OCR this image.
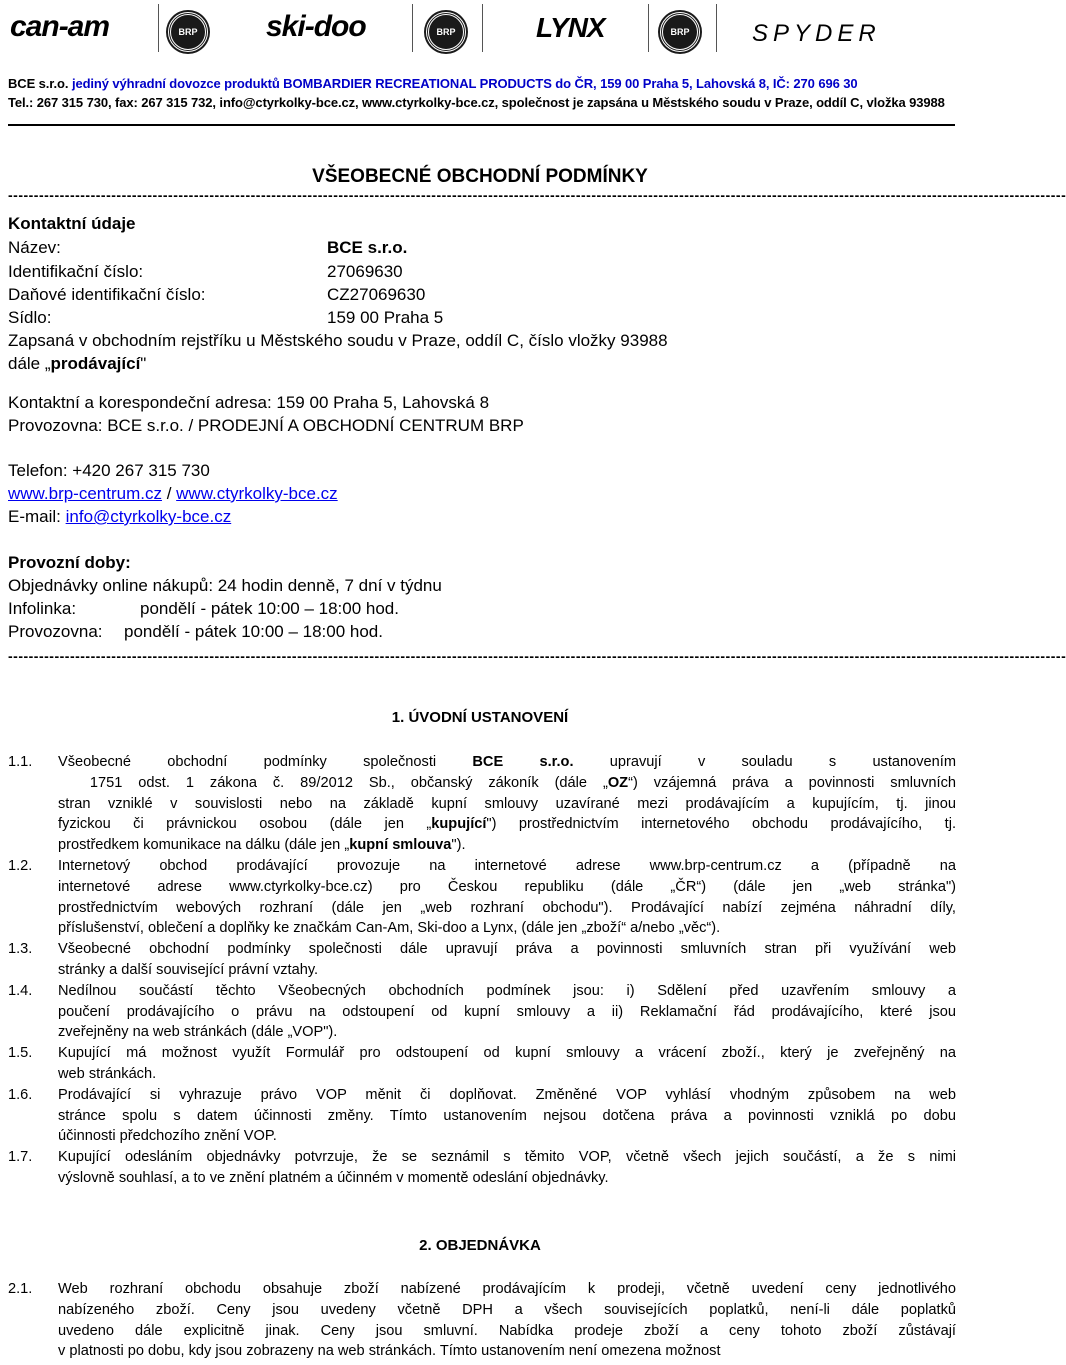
can-am	BRP	ski-doo	BRP	LYNX	BRP	SPYDER
BCE s.r.o. jediný výhradní dovozce produktů BOMBARDIER RECREATIONAL PRODUCTS do ČR, 159 00 Praha 5, Lahovská 8, IČ: 270 696 30
Tel.: 267 315 730, fax: 267 315 732, info@ctyrkolky-bce.cz, www.ctyrkolky-bce.cz, společnost je zapsána u Městského soudu v Praze, oddíl C, vložka 93988
VŠEOBECNÉ OBCHODNÍ PODMÍNKY
-------------------------------------------------------------------------------------------------------------------------------------------------------------------------------------------------------------
Kontaktní údaje
Název:	BCE s.r.o.
Identifikační číslo:	27069630
Daňové identifikační číslo:	CZ27069630
Sídlo:	159 00 Praha 5
Zapsaná v obchodním rejstříku u Městského soudu v Praze, oddíl C, číslo vložky 93988
dále „prodávající"
Kontaktní a korespondeční adresa: 159 00 Praha 5, Lahovská 8
Provozovna: BCE s.r.o. / PRODEJNÍ A OBCHODNÍ CENTRUM BRP
Telefon: +420 267 315 730
www.brp-centrum.cz / www.ctyrkolky-bce.cz
E-mail: info@ctyrkolky-bce.cz
Provozní doby:
Objednávky online nákupů: 24 hodin denně, 7 dní v týdnu
Infolinka:	pondělí - pátek 10:00 – 18:00 hod.
Provozovna: pondělí - pátek 10:00 – 18:00 hod.
-------------------------------------------------------------------------------------------------------------------------------------------------------------------------------------------------------------
1. ÚVODNÍ USTANOVENÍ
1.1. Všeobecné obchodní podmínky společnosti BCE s.r.o. upravují v souladu s ustanovením
1751 odst. 1 zákona č. 89/2012 Sb., občanský zákoník (dále „OZ“) vzájemná práva a povinnosti smluvních
stran vzniklé v souvislosti nebo na základě kupní smlouvy uzavírané mezi prodávajícím a kupujícím, tj. jinou
fyzickou či právnickou osobou (dále jen „kupující") prostřednictvím internetového obchodu prodávajícího, tj.
prostředkem komunikace na dálku (dále jen „kupní smlouva").
1.2. Internetový obchod prodávající provozuje na internetové adrese www.brp-centrum.cz a (případně na
internetové adrese www.ctyrkolky-bce.cz) pro Českou republiku (dále „ČR“) (dále jen „web stránka")
prostřednictvím webových rozhraní (dále jen „web rozhraní obchodu"). Prodávající nabízí zejména náhradní díly,
příslušenství, oblečení a doplňky ke značkám Can-Am, Ski-doo a Lynx, (dále jen „zboží“ a/nebo „věc“).
1.3. Všeobecné obchodní podmínky společnosti dále upravují práva a povinnosti smluvních stran při využívání web
stránky a další související právní vztahy.
1.4. Nedílnou součástí těchto Všeobecných obchodních podmínek jsou: i) Sdělení před uzavřením smlouvy a
poučení prodávajícího o právu na odstoupení od kupní smlouvy a ii) Reklamační řád prodávajícího, které jsou
zveřejněny na web stránkách (dále „VOP").
1.5. Kupující má možnost využít Formulář pro odstoupení od kupní smlouvy a vrácení zboží., který je zveřejněný na
web stránkách.
1.6. Prodávající si vyhrazuje právo VOP měnit či doplňovat. Změněné VOP vyhlásí vhodným způsobem na web
stránce spolu s datem účinnosti změny. Tímto ustanovením nejsou dotčena práva a povinnosti vzniklá po dobu
účinnosti předchozího znění VOP.
1.7. Kupující odesláním objednávky potvrzuje, že se seznámil s těmito VOP, včetně všech jejich součástí, a že s nimi
výslovně souhlasí, a to ve znění platném a účinném v momentě odeslání objednávky.
2. OBJEDNÁVKA
2.1. Web rozhraní obchodu obsahuje zboží nabízené prodávajícím k prodeji, včetně uvedení ceny jednotlivého
nabízeného zboží. Ceny jsou uvedeny včetně DPH a všech souvisejících poplatků, není-li dále poplatků
uvedeno dále explicitně jinak. Ceny jsou smluvní. Nabídka prodeje zboží a ceny tohoto zboží zůstávají
v platnosti po dobu, kdy jsou zobrazeny na web stránkách. Tímto ustanovením není omezena možnost
